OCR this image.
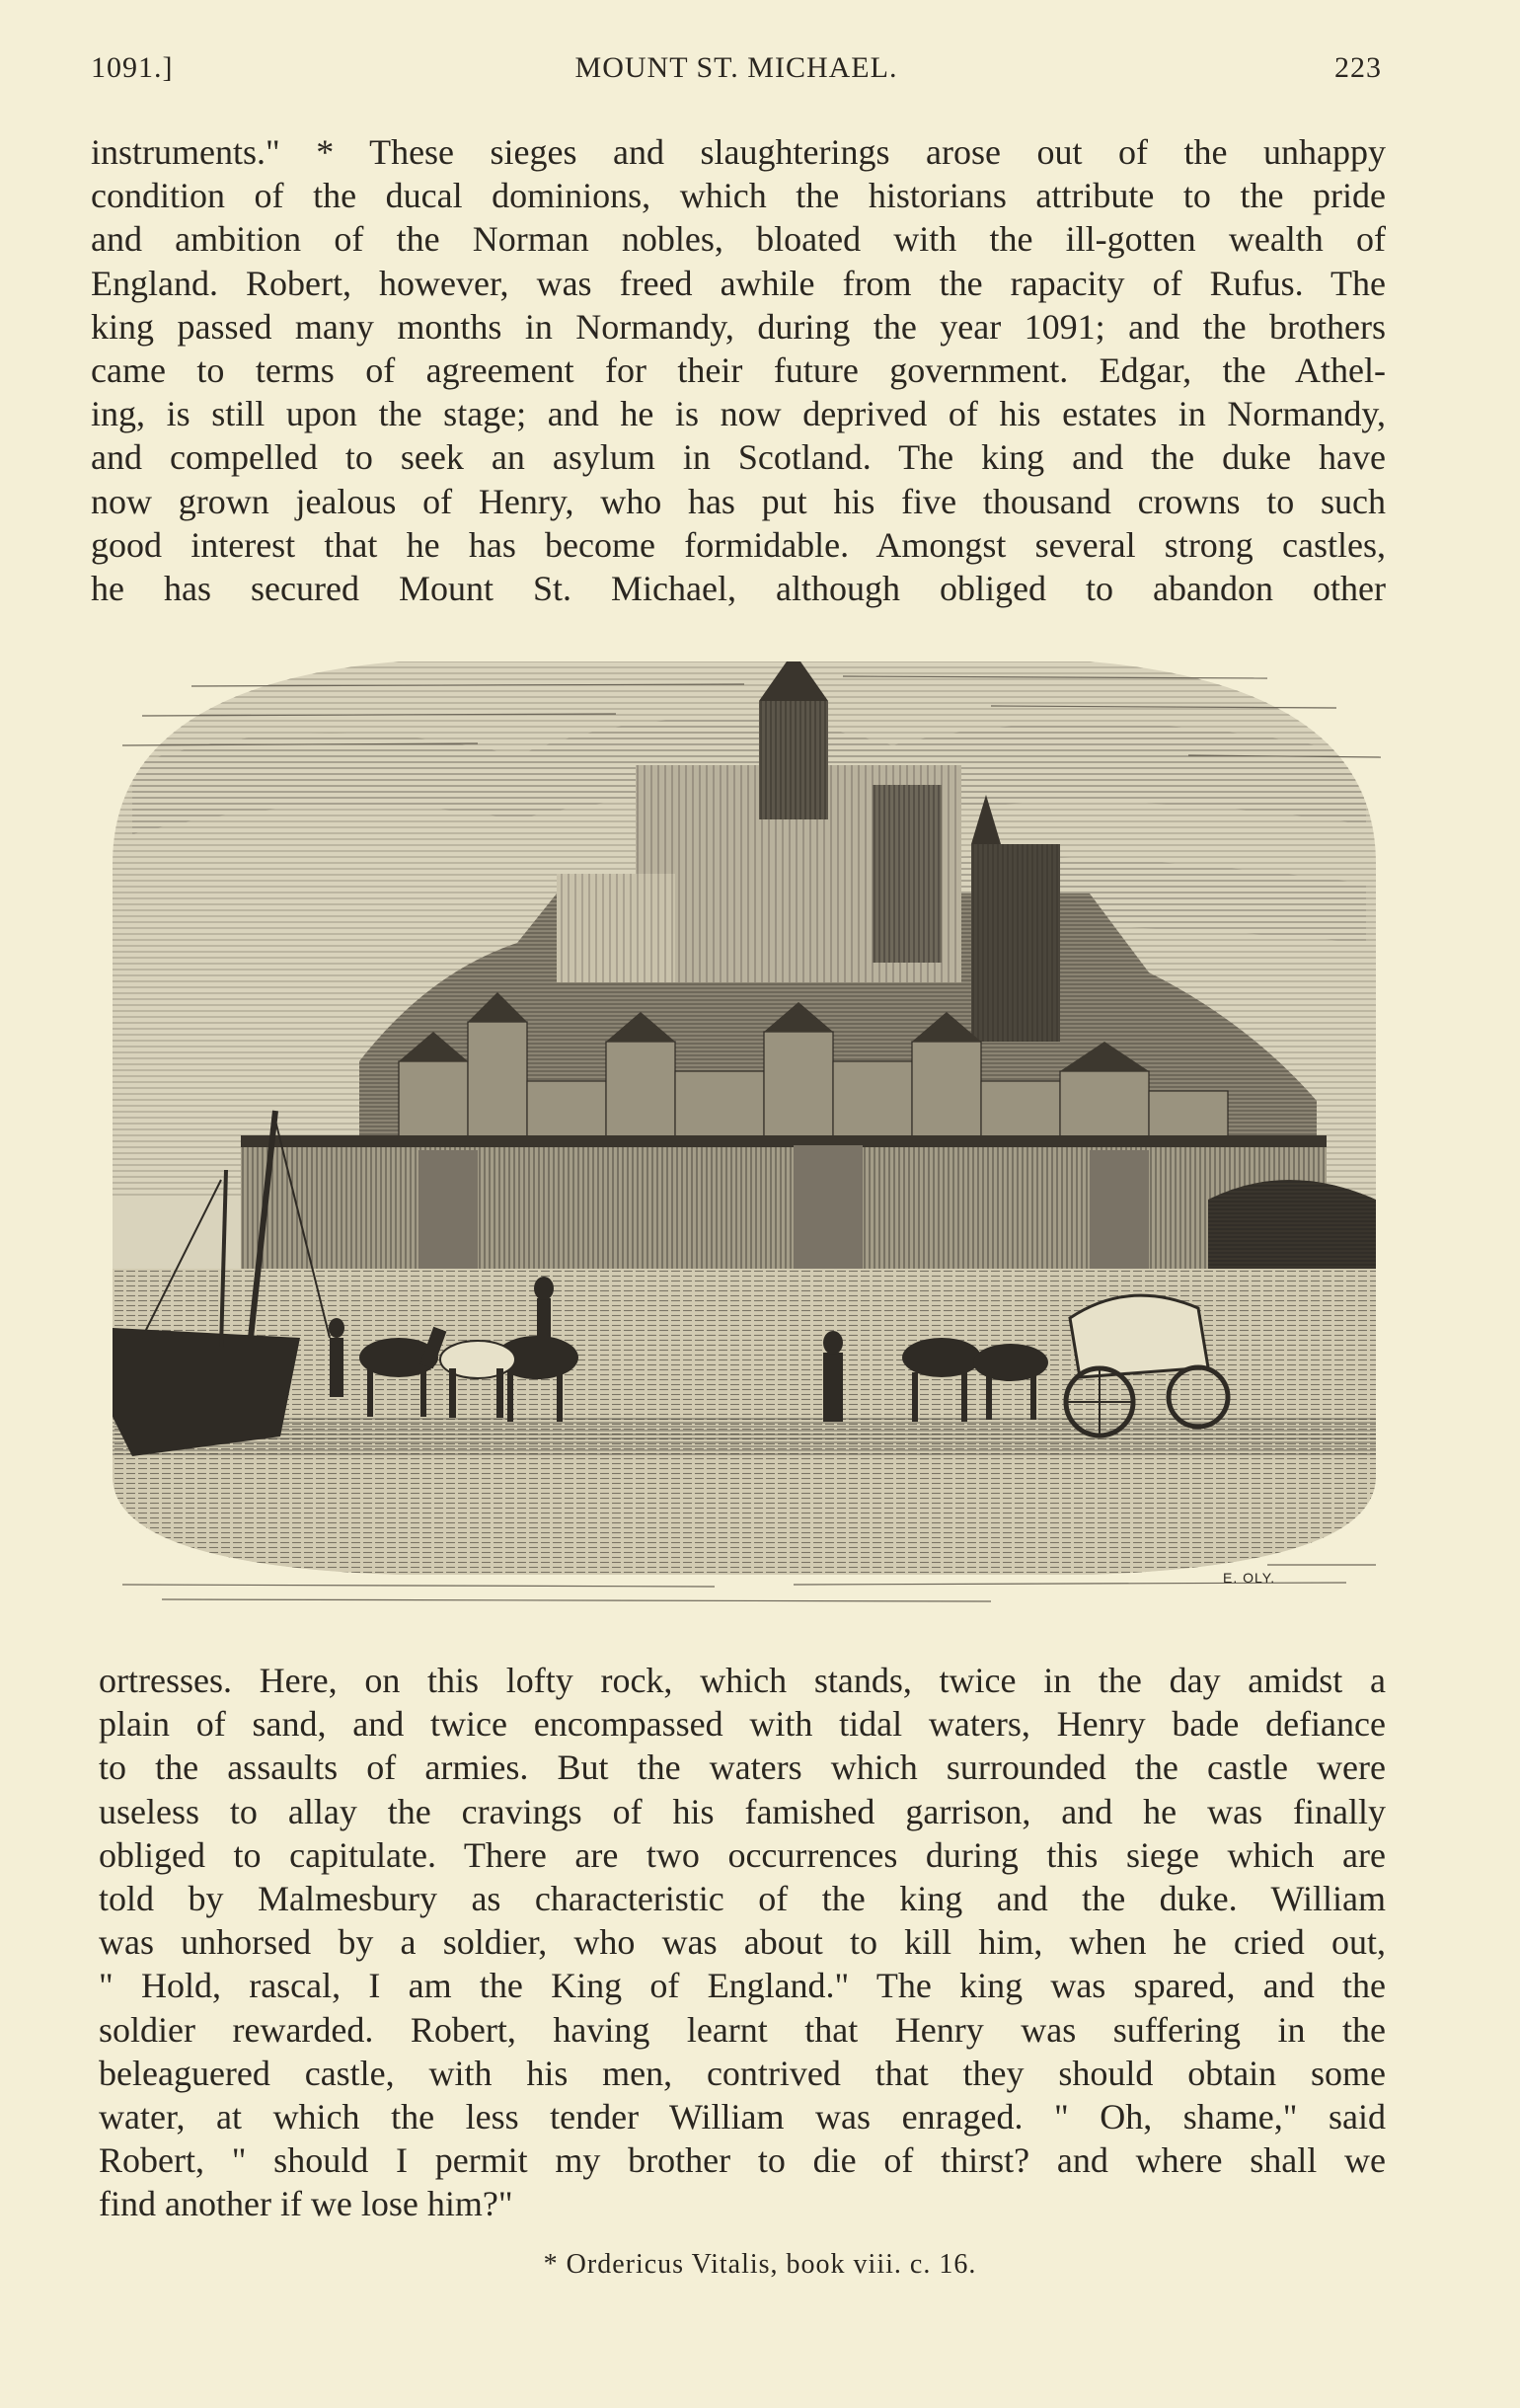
1091.]	MOUNT ST. MICHAEL.	223
instruments." * These sieges and slaughterings arose out of the unhappy
condition of the ducal dominions, which the historians attribute to the pride
and ambition of the Norman nobles, bloated with the ill-gotten wealth of
England. Robert, however, was freed awhile from the rapacity of Rufus. The
king passed many months in Normandy, during the year 1091; and the brothers
came to terms of agreement for their future government. Edgar, the Athel-
ing, is still upon the stage; and he is now deprived of his estates in Normandy,
and compelled to seek an asylum in Scotland. The king and the duke have
now grown jealous of Henry, who has put his five thousand crowns to such
good interest that he has become formidable. Amongst several strong castles,
he has secured Mount St. Michael, although obliged to abandon other
E. OLY.
ortresses. Here, on this lofty rock, which stands, twice in the day amidst a
plain of sand, and twice encompassed with tidal waters, Henry bade defiance
to the assaults of armies. But the waters which surrounded the castle were
useless to allay the cravings of his famished garrison, and he was finally
obliged to capitulate. There are two occurrences during this siege which are
told by Malmesbury as characteristic of the king and the duke. William
was unhorsed by a soldier, who was about to kill him, when he cried out,
" Hold, rascal, I am the King of England." The king was spared, and the
soldier rewarded. Robert, having learnt that Henry was suffering in the
beleaguered castle, with his men, contrived that they should obtain some
water, at which the less tender William was enraged. " Oh, shame," said
Robert, " should I permit my brother to die of thirst? and where shall we
find another if we lose him?"
* Ordericus Vitalis, book viii. c. 16.
